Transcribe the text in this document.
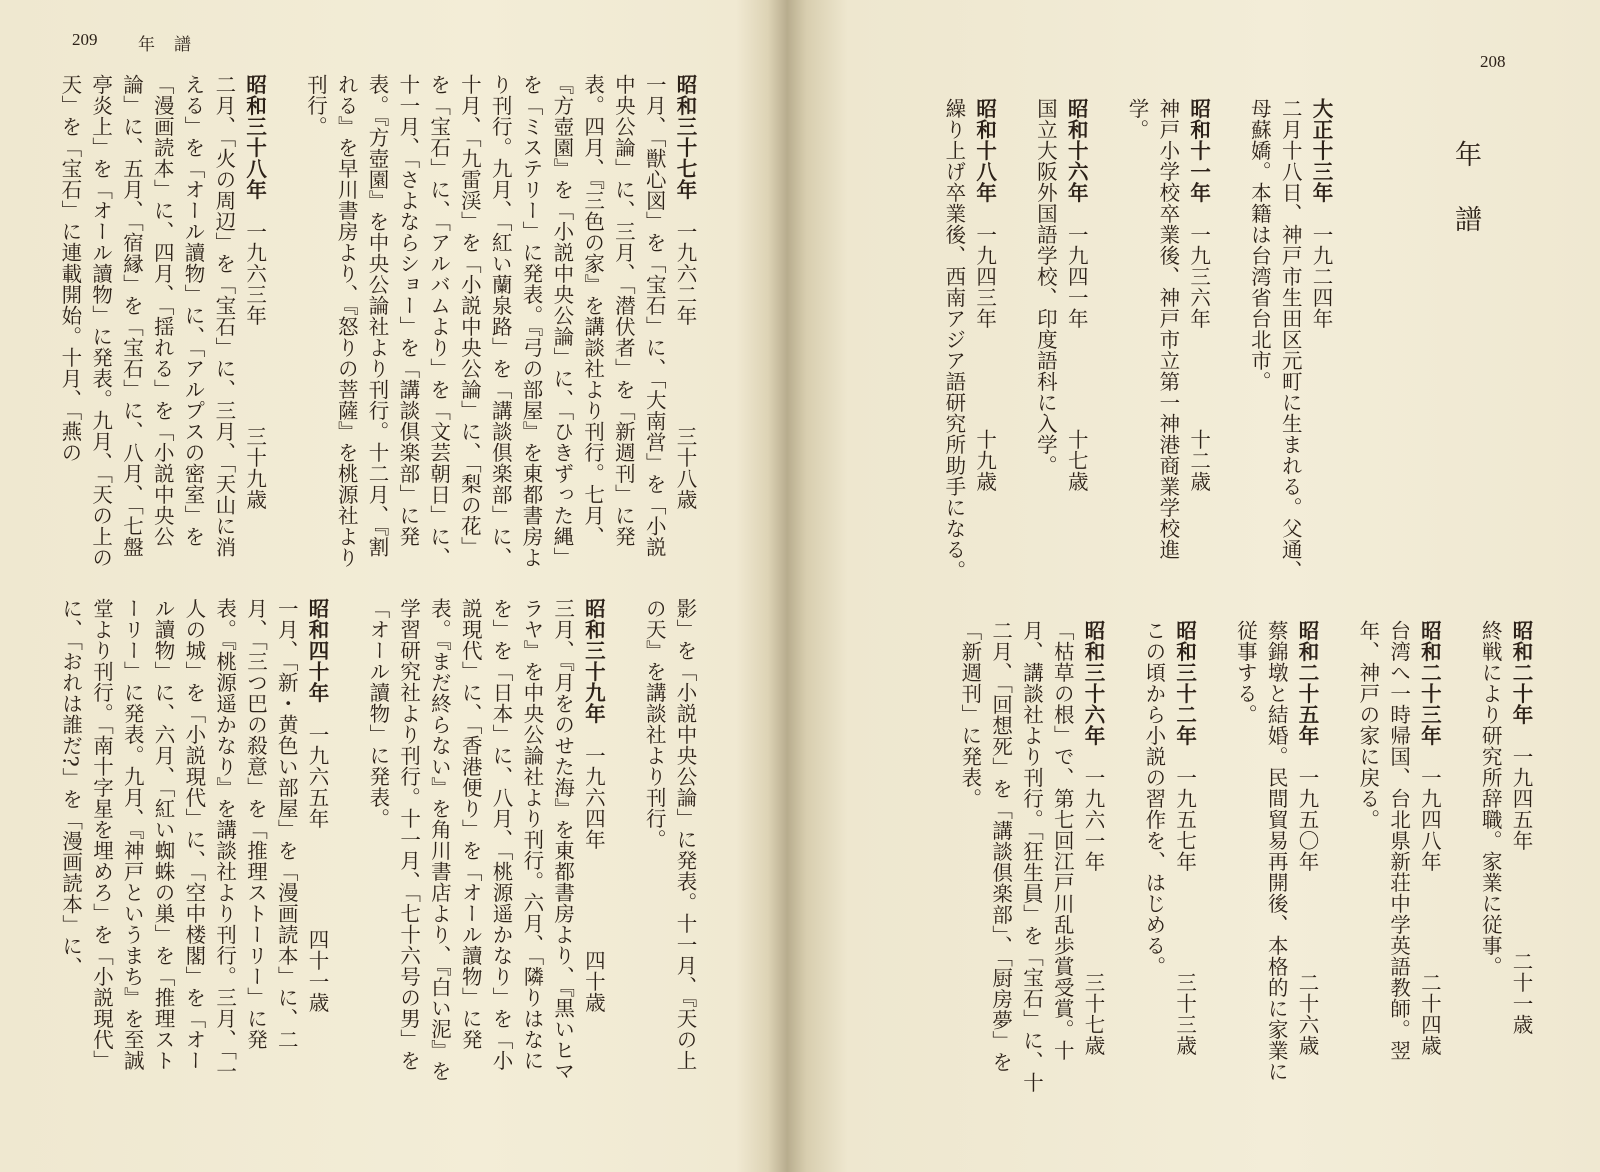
209 年　譜
昭和三十七年　一九六二年三十八歳
一月、「獣心図」を「宝石」に、「大南営」を「小説中央公論」に、三月、「潜伏者」を「新週刊」に発表。四月、『三色の家』を講談社より刊行。七月、『方壺園』を「小説中央公論」に、「ひきずった縄」を「ミステリー」に発表。『弓の部屋』を東都書房より刊行。九月、「紅い蘭泉路」を「講談倶楽部」に、十月、「九雷渓」を「小説中央公論」に、「梨の花」を「宝石」に、「アルバムより」を「文芸朝日」に、十一月、「さよならショー」を「講談倶楽部」に発表。『方壺園』を中央公論社より刊行。十二月、『割れる』を早川書房より、『怒りの菩薩』を桃源社より刊行。
昭和三十八年　一九六三年三十九歳
二月、「火の周辺」を「宝石」に、三月、「天山に消える」を「オール讀物」に、「アルプスの密室」を「漫画読本」に、四月、「揺れる」を「小説中央公論」に、五月、「宿縁」を「宝石」に、八月、「七盤亭炎上」を「オール讀物」に発表。九月、「天の上の天」を「宝石」に連載開始。十月、「燕の
影」を「小説中央公論」に発表。十一月、『天の上の天』を講談社より刊行。
昭和三十九年　一九六四年四十歳
三月、『月をのせた海』を東都書房より、『黒いヒマラヤ』を中央公論社より刊行。六月、「隣りはなにを」を「日本」に、八月、「桃源遥かなり」を「小説現代」に、「香港便り」を「オール讀物」に発表。『まだ終らない』を角川書店より、『白い泥』を学習研究社より刊行。十一月、「七十六号の男」を「オール讀物」に発表。
昭和四十年　一九六五年四十一歳
一月、「新・黄色い部屋」を「漫画読本」に、二月、「三つ巴の殺意」を「推理ストーリー」に発表。『桃源遥かなり』を講談社より刊行。三月、「一人の城」を「小説現代」に、「空中楼閣」を「オール讀物」に、六月、「紅い蜘蛛の巣」を「推理ストーリー」に発表。九月、『神戸というまち』を至誠堂より刊行。「南十字星を埋めろ」を「小説現代」に、「おれは誰だ?」を「漫画読本」に、
208
年譜
大正十三年　一九二四年
二月十八日、神戸市生田区元町に生まれる。父通、母蘇嬌。本籍は台湾省台北市。
昭和十一年　一九三六年十二歳
神戸小学校卒業後、神戸市立第一神港商業学校進学。
昭和十六年　一九四一年十七歳
国立大阪外国語学校、印度語科に入学。
昭和十八年　一九四三年十九歳
繰り上げ卒業後、西南アジア語研究所助手になる。
昭和二十年　一九四五年二十一歳
終戦により研究所辞職。家業に従事。
昭和二十三年　一九四八年二十四歳
台湾へ一時帰国、台北県新荘中学英語教師。翌年、神戸の家に戻る。
昭和二十五年　一九五〇年二十六歳
蔡錦墩と結婚。民間貿易再開後、本格的に家業に従事する。
昭和三十二年　一九五七年三十三歳
この頃から小説の習作を、はじめる。
昭和三十六年　一九六一年三十七歳
「枯草の根」で、第七回江戸川乱歩賞受賞。十月、講談社より刊行。「狂生員」を「宝石」に、十二月、「回想死」を「講談倶楽部」、「厨房夢」を「新週刊」に発表。
